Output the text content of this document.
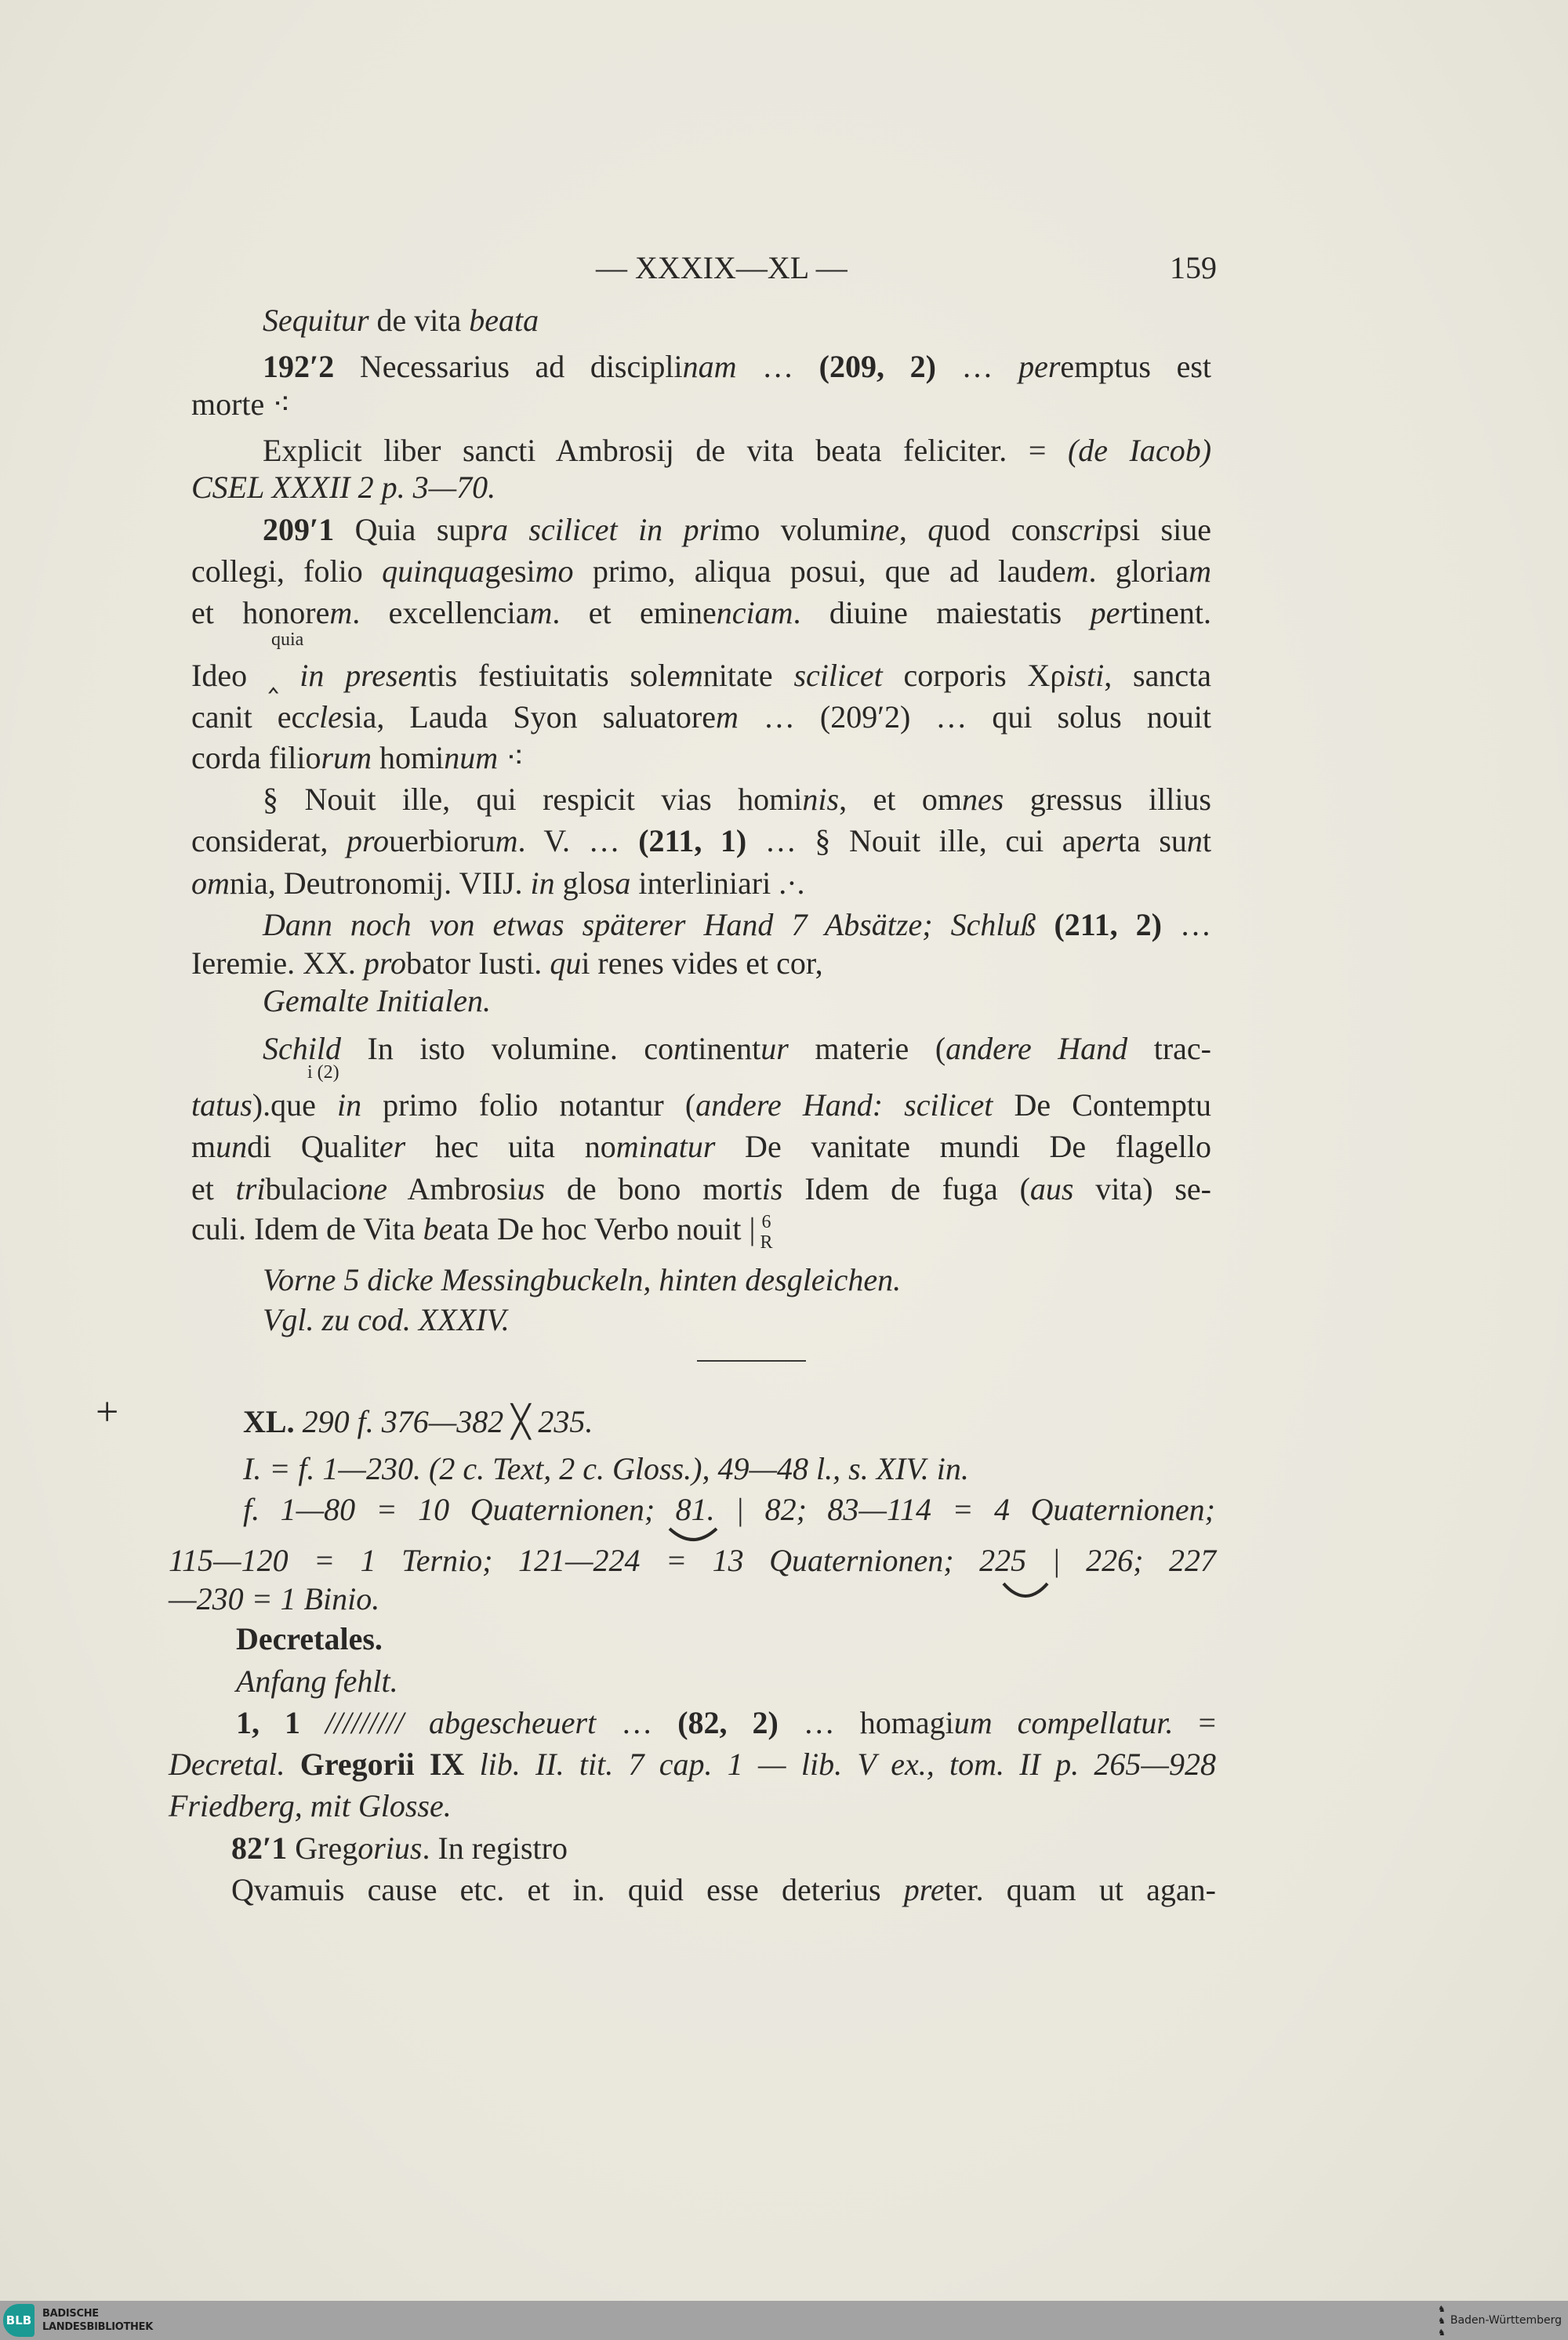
— XXXIX—XL —	159
quia
i (2)
Sequitur de vita beata
192′2 Necessarius ad disciplinam … (209, 2) … peremptus est
morte ⁖
Explicit liber sancti Ambrosij de vita beata feliciter. = (de Iacob)
CSEL XXXII 2 p. 3—70.
209′1 Quia supra scilicet in primo volumine, quod conscripsi siue
collegi, folio quinquagesimo primo, aliqua posui, que ad laudem. gloriam
et honorem. excellenciam. et eminenciam. diuine maiestatis pertinent.
Ideo ‸ in presentis festiuitatis solemnitate scilicet corporis Xρisti, sancta
canit ecclesia, Lauda Syon saluatorem … (209′2) … qui solus nouit
corda filiorum hominum ⁖
§ Nouit ille, qui respicit vias hominis, et omnes gressus illius
considerat, prouerbiorum. V. … (211, 1) … § Nouit ille, cui aperta sunt
omnia, Deutronomij. VIIJ. in glosa interliniari .·.
Dann noch von etwas späterer Hand 7 Absätze; Schluß (211, 2) …
Ieremie. XX. probator Iusti. qui renes vides et cor,
Gemalte Initialen.
Schild In isto volumine. continentur materie (andere Hand trac-
tatus).que in primo folio notantur (andere Hand: scilicet De Contemptu
mundi Qualiter hec uita nominatur De vanitate mundi De flagello
et tribulacione Ambrosius de bono mortis Idem de fuga (aus vita) se-
culi. Idem de Vita beata De hoc Verbo nouit | 6
R
Vorne 5 dicke Messingbuckeln, hinten desgleichen.
Vgl. zu cod. XXXIV.
XL. 290 f. 376—382 ╳ 235.
I. = f. 1—230. (2 c. Text, 2 c. Gloss.), 49—48 l., s. XIV. in.
f. 1—80 = 10 Quaternionen; 81. | 82; 83—114 = 4 Quaternionen;
115—120 = 1 Ternio; 121—224 = 13 Quaternionen; 225 | 226; 227
—230 = 1 Binio.
Decretales.
Anfang fehlt.
1, 1 ///////// abgescheuert … (82, 2) … homagium compellatur. =
Decretal. Gregorii IX lib. II. tit. 7 cap. 1 — lib. V ex., tom. II p. 265—928
Friedberg, mit Glosse.
82′1 Gregorius. In registro
Qvamuis cause etc. et in. quid esse deterius preter. quam ut agan-
+
BLB BADISCHE
LANDESBIBLIOTHEK
♞
♞
♞
Baden-Württemberg
